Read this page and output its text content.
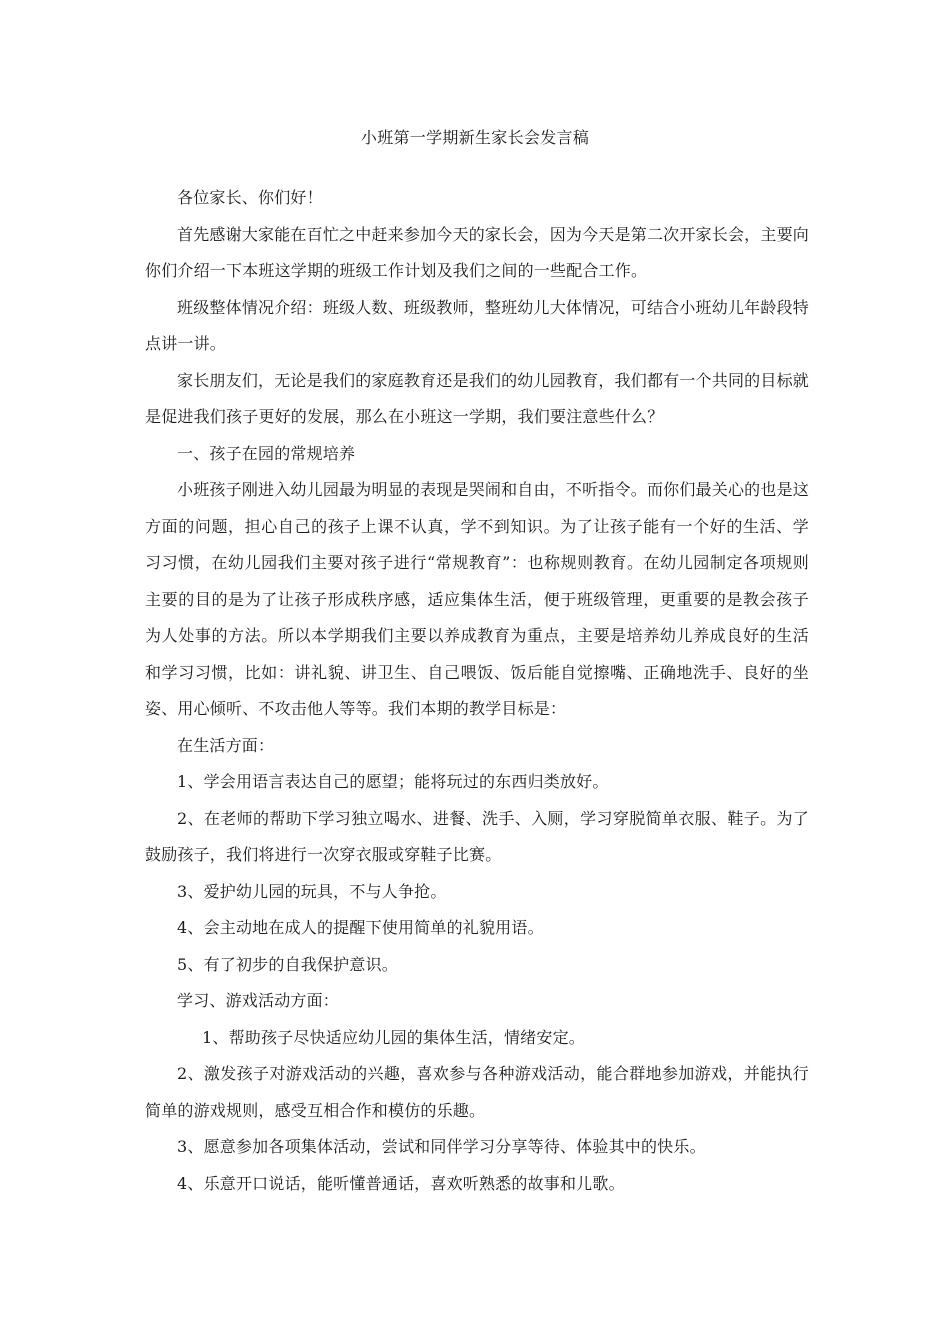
小班第一学期新生家长会发言稿

各位家长、你们好！

首先感谢大家能在百忙之中赶来参加今天的家长会，因为今天是第二次开家长会，主要向你们介绍一下本班这学期的班级工作计划及我们之间的一些配合工作。

班级整体情况介绍：班级人数、班级教师，整班幼儿大体情况，可结合小班幼儿年龄段特点讲一讲。

家长朋友们，无论是我们的家庭教育还是我们的幼儿园教育，我们都有一个共同的目标就是促进我们孩子更好的发展，那么在小班这一学期，我们要注意些什么？

一、孩子在园的常规培养

小班孩子刚进入幼儿园最为明显的表现是哭闹和自由，不听指令。而你们最关心的也是这方面的问题，担心自己的孩子上课不认真，学不到知识。为了让孩子能有一个好的生活、学习习惯，在幼儿园我们主要对孩子进行“常规教育”：也称规则教育。在幼儿园制定各项规则主要的目的是为了让孩子形成秩序感，适应集体生活，便于班级管理，更重要的是教会孩子为人处事的方法。所以本学期我们主要以养成教育为重点，主要是培养幼儿养成良好的生活和学习习惯，比如：讲礼貌、讲卫生、自己喂饭、饭后能自觉擦嘴、正确地洗手、良好的坐姿、用心倾听、不攻击他人等等。我们本期的教学目标是：

在生活方面：

1、学会用语言表达自己的愿望；能将玩过的东西归类放好。

2、在老师的帮助下学习独立喝水、进餐、洗手、入厕，学习穿脱简单衣服、鞋子。为了鼓励孩子，我们将进行一次穿衣服或穿鞋子比赛。

3、爱护幼儿园的玩具，不与人争抢。

4、会主动地在成人的提醒下使用简单的礼貌用语。

5、有了初步的自我保护意识。

学习、游戏活动方面：

1、帮助孩子尽快适应幼儿园的集体生活，情绪安定。

2、激发孩子对游戏活动的兴趣，喜欢参与各种游戏活动，能合群地参加游戏，并能执行简单的游戏规则，感受互相合作和模仿的乐趣。

3、愿意参加各项集体活动，尝试和同伴学习分享等待、体验其中的快乐。

4、乐意开口说话，能听懂普通话，喜欢听熟悉的故事和儿歌。
